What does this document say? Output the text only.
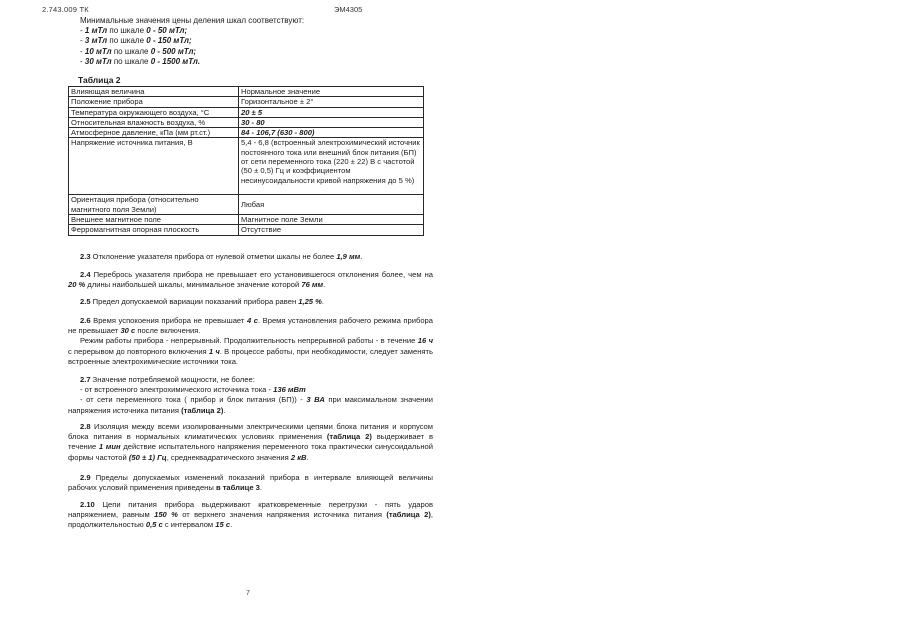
2.743.009 ТК	ЭМ4305
Минимальные значения цены деления шкал соответствуют:
- 1 мТл по шкале 0 - 50 мТл;
- 3 мТл по шкале 0 - 150 мТл;
- 10 мТл по шкале 0 - 500 мТл;
- 30 мТл по шкале 0 - 1500 мТл.
Таблица 2
Влияющая величина	Нормальное значение
Положение прибора	Горизонтальное ± 2°
Температура окружающего воздуха, °С	20 ± 5
Относительная влажность воздуха, %	30 - 80
Атмосферное давление, кПа (мм рт.ст.)	84 - 106,7 (630 - 800)
Напряжение источника питания, В	5,4 - 6,8 (встроенный электрохимический источник постоянного тока или внешний блок питания (БП) от сети переменного тока (220 ± 22) В с частотой (50 ± 0,5) Гц и коэффициентом несинусоидальности кривой напряжения до 5 %)
Ориентация прибора (относительно магнитного поля Земли)	Любая
Внешнее магнитное поле	Магнитное поле Земли
Ферромагнитная опорная плоскость	Отсутствие
2.3 Отклонение указателя прибора от нулевой отметки шкалы не более 1,9 мм.
2.4 Перебрось указателя прибора не превышает его установившегося отклонения более, чем на 20 % длины наибольшей шкалы, минимальное значение которой 76 мм.
2.5 Предел допускаемой вариации показаний прибора равен 1,25 %.
2.6 Время успокоения прибора не превышает 4 с. Время установления рабочего режима прибора не превышает 30 с после включения.
Режим работы прибора - непрерывный. Продолжительность непрерывной работы - в течение 16 ч с перерывом до повторного включения 1 ч. В процессе работы, при необходимости, следует заменять встроенные электрохимические источники тока.
2.7 Значение потребляемой мощности, не более:
- от встроенного электрохимического источника тока - 136 мВт
- от сети переменного тока ( прибор и блок питания (БП)) - 3 ВА при максимальном значении напряжения источника питания (таблица 2).
2.8 Изоляция между всеми изолированными электрическими цепями блока питания и корпусом блока питания в нормальных климатических условиях применения (таблица 2) выдерживает в течение 1 мин действие испытательного напряжения переменного тока практически синусоидальной формы частотой (50 ± 1) Гц, среднеквадратического значения 2 кВ.
2.9 Пределы допускаемых изменений показаний прибора в интервале влияющей величины рабочих условий применения приведены в таблице 3.
2.10 Цепи питания прибора выдерживают кратковременные перегрузки - пять ударов напряжением, равным 150 % от верхнего значения напряжения источника питания (таблица 2), продолжительностью 0,5 с с интервалом 15 с.
7
